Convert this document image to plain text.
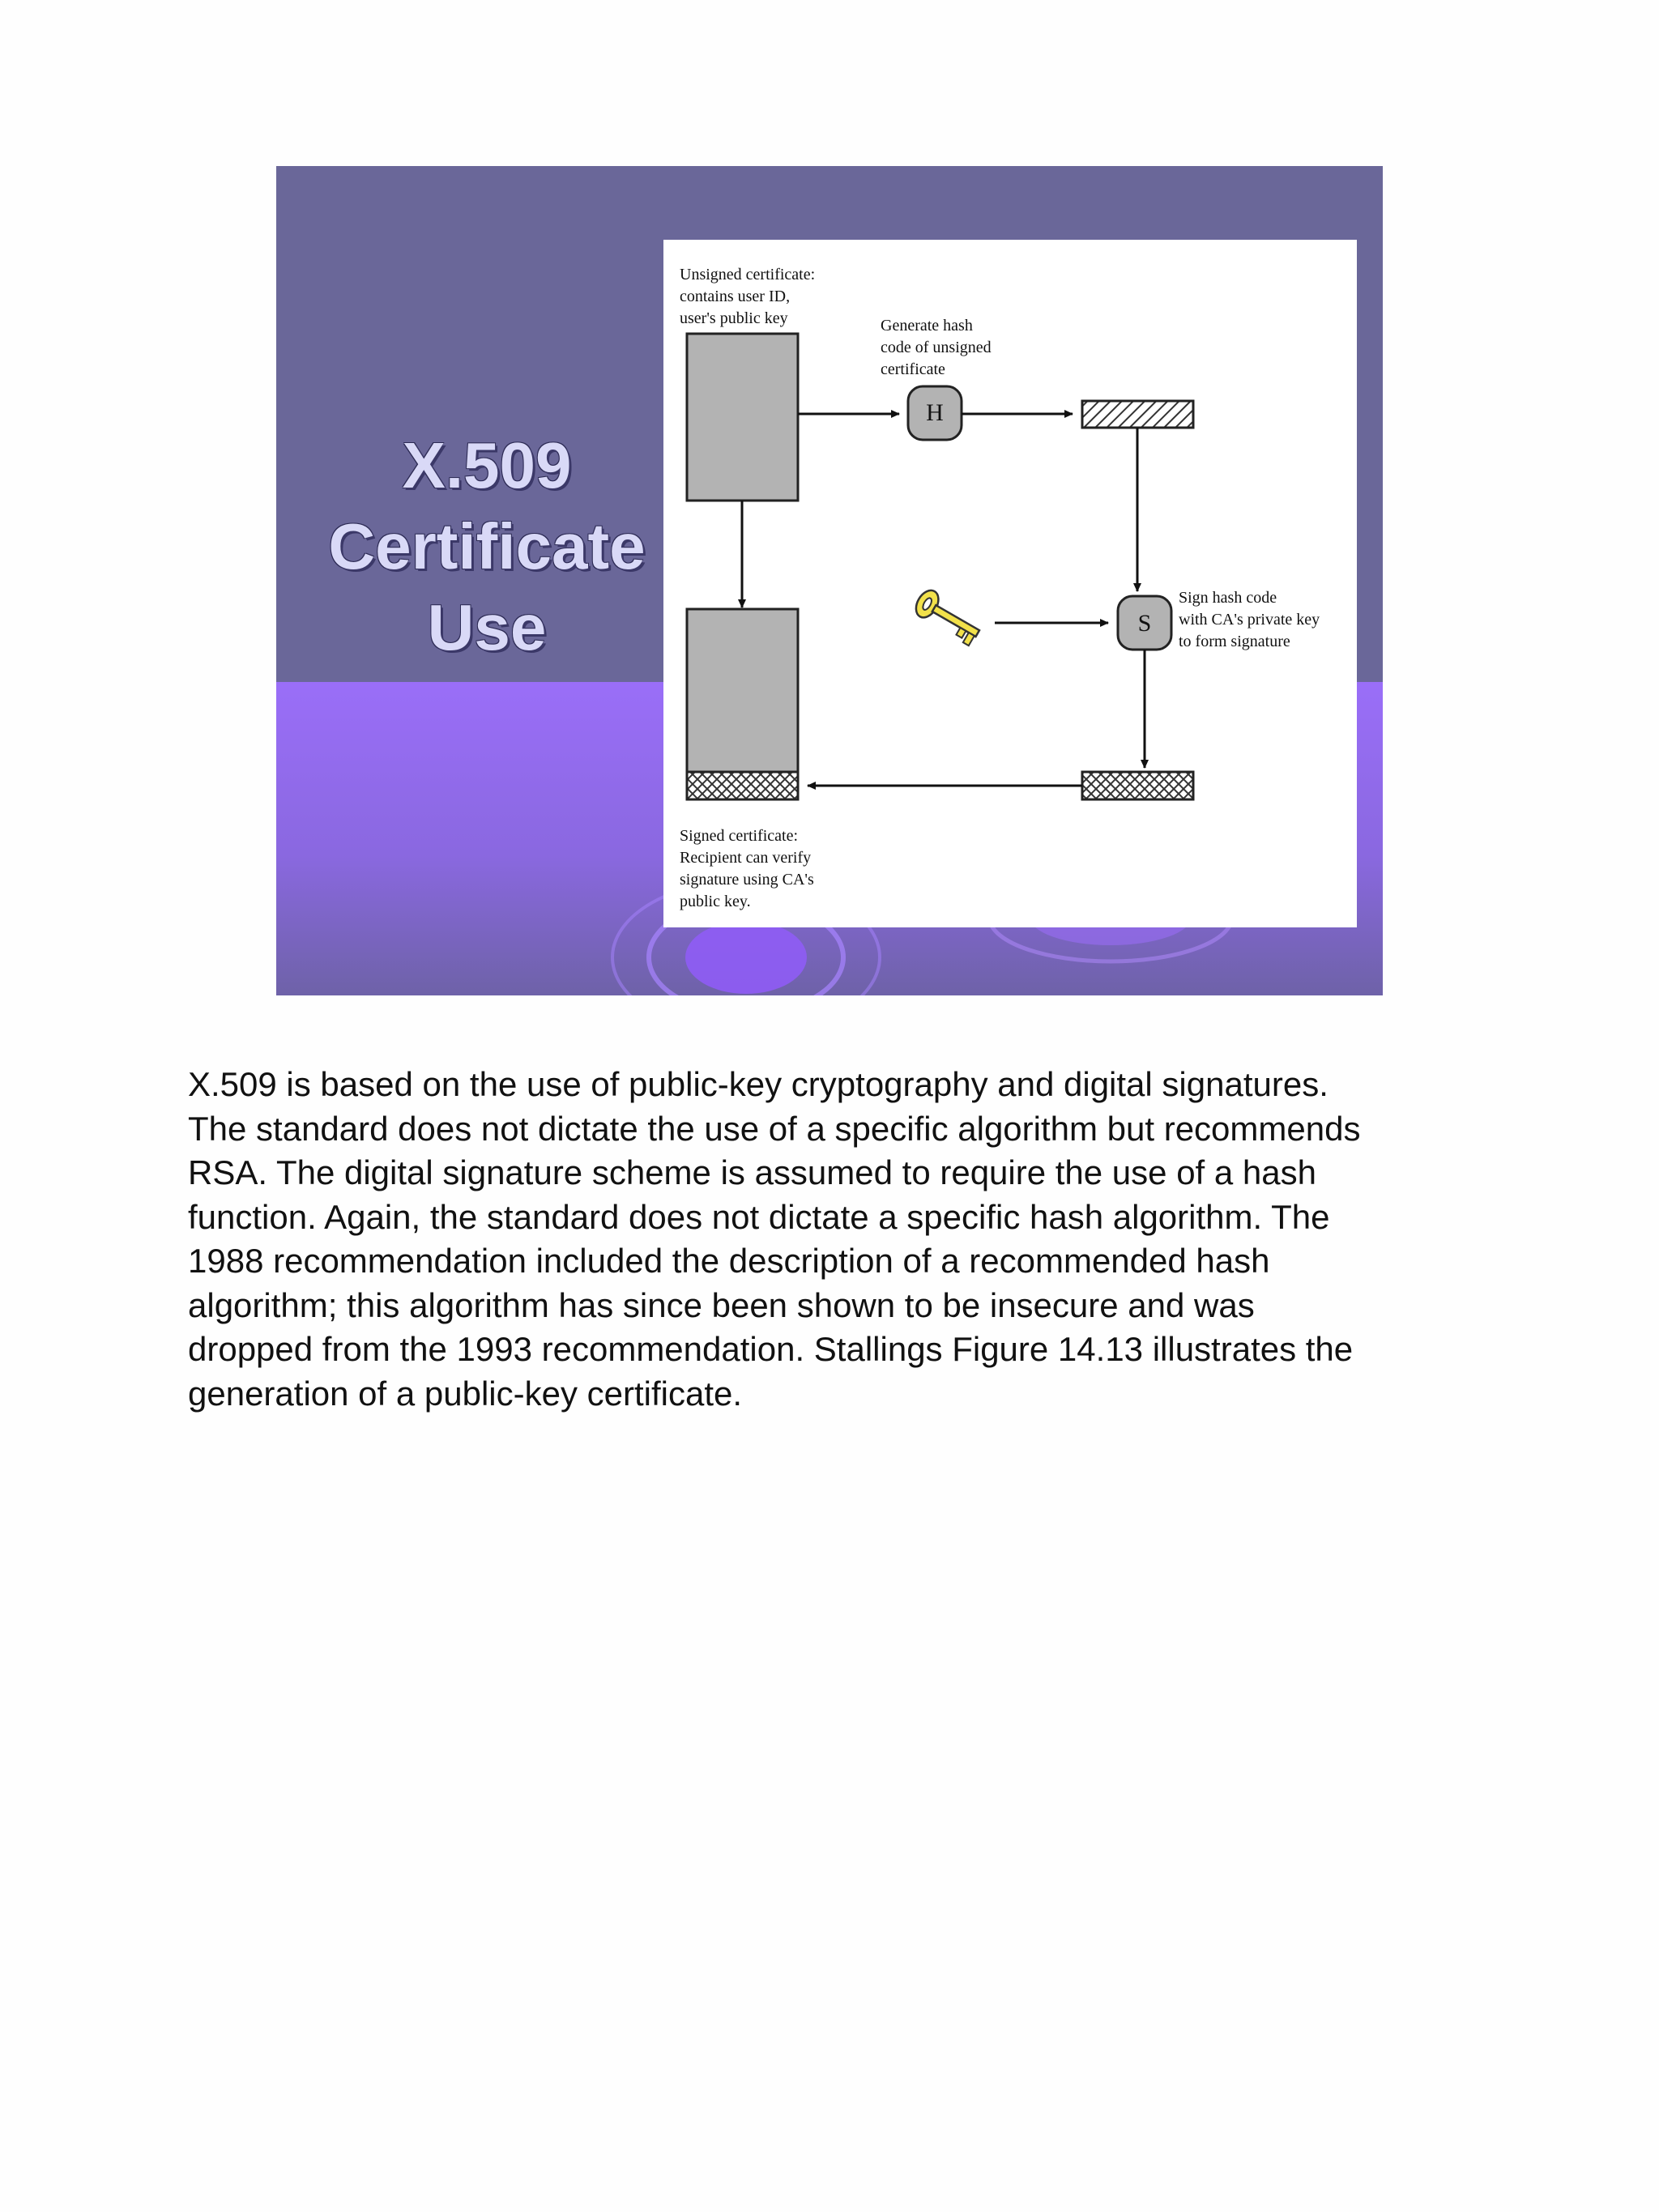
X.509
Certificate
Use
Unsigned certificate:
contains user ID,
user's public key	Generate hash
code of unsigned
certificate
H
S
Sign hash code
with CA's private key
to form signature
Signed certificate:
Recipient can verify
signature using CA's
public key.
X.509 is based on the use of public-key cryptography and digital signatures.
The standard does not dictate the use of a specific algorithm but recommends
RSA. The digital signature scheme is assumed to require the use of a hash
function. Again, the standard does not dictate a specific hash algorithm. The
1988 recommendation included the description of a recommended hash
algorithm; this algorithm has since been shown to be insecure and was
dropped from the 1993 recommendation. Stallings Figure 14.13 illustrates the
generation of a public-key certificate.
